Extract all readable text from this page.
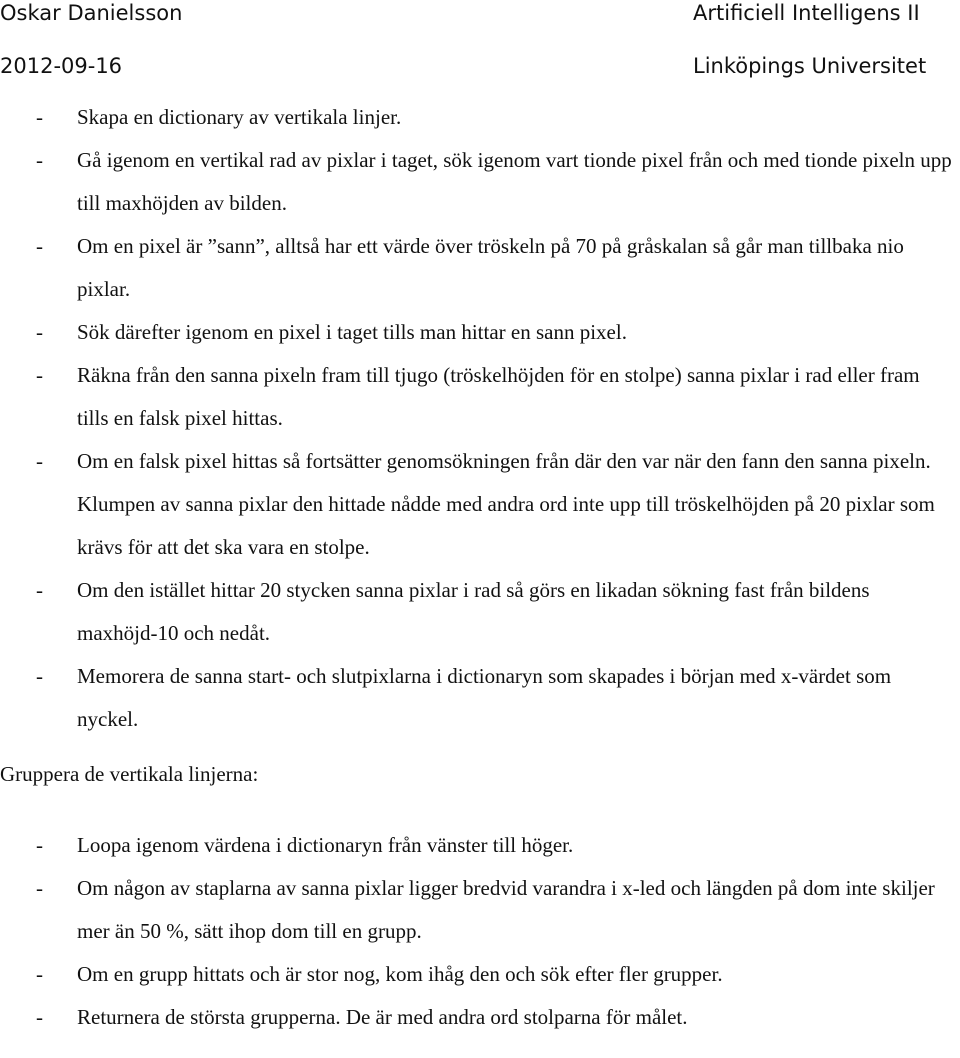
Oskar Danielsson	Artificiell Intelligens II
2012-09-16	Linköpings Universitet
- Skapa en dictionary av vertikala linjer.
- Gå igenom en vertikal rad av pixlar i taget, sök igenom vart tionde pixel från och med tionde pixeln upp till maxhöjden av bilden.
- Om en pixel är ”sann”, alltså har ett värde över tröskeln på 70 på gråskalan så går man tillbaka nio pixlar.
- Sök därefter igenom en pixel i taget tills man hittar en sann pixel.
- Räkna från den sanna pixeln fram till tjugo (tröskelhöjden för en stolpe) sanna pixlar i rad eller fram tills en falsk pixel hittas.
- Om en falsk pixel hittas så fortsätter genomsökningen från där den var när den fann den sanna pixeln. Klumpen av sanna pixlar den hittade nådde med andra ord inte upp till tröskelhöjden på 20 pixlar som krävs för att det ska vara en stolpe.
- Om den istället hittar 20 stycken sanna pixlar i rad så görs en likadan sökning fast från bildens maxhöjd-10 och nedåt.
- Memorera de sanna start- och slutpixlarna i dictionaryn som skapades i början med x-värdet som nyckel.

Gruppera de vertikala linjerna:

- Loopa igenom värdena i dictionaryn från vänster till höger.
- Om någon av staplarna av sanna pixlar ligger bredvid varandra i x-led och längden på dom inte skiljer mer än 50 %, sätt ihop dom till en grupp.
- Om en grupp hittats och är stor nog, kom ihåg den och sök efter fler grupper.
- Returnera de största grupperna. De är med andra ord stolparna för målet.
